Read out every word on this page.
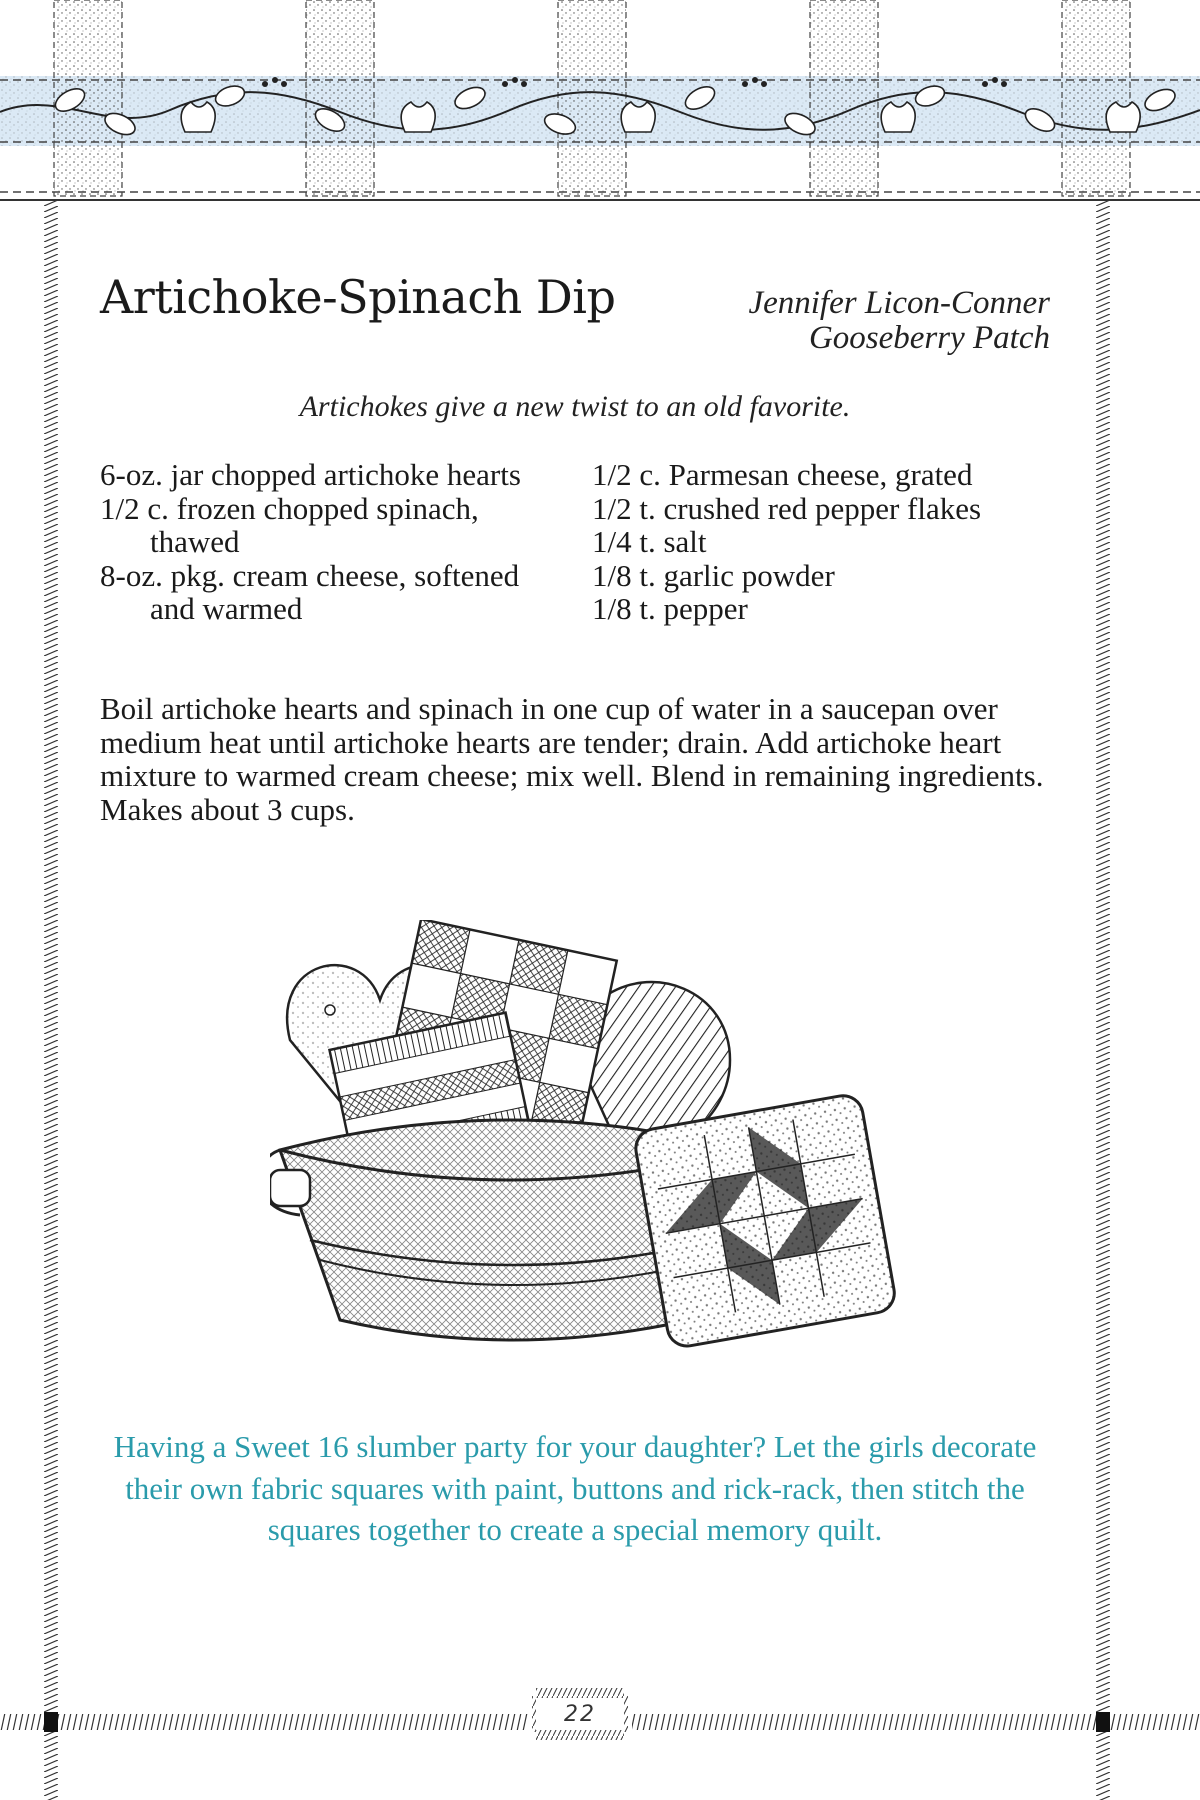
22
Artichoke-Spinach Dip	Jennifer Licon-Conner
Gooseberry Patch
Artichokes give a new twist to an old favorite.
6-oz. jar chopped artichoke hearts
1/2 c. frozen chopped spinach, thawed
8-oz. pkg. cream cheese, softened and warmed
1/2 c. Parmesan cheese, grated
1/2 t. crushed red pepper flakes
1/4 t. salt
1/8 t. garlic powder
1/8 t. pepper

Boil artichoke hearts and spinach in one cup of water in a saucepan over medium heat until artichoke hearts are tender; drain. Add artichoke heart mixture to warmed cream cheese; mix well. Blend in remaining ingredients. Makes about 3 cups.

Having a Sweet 16 slumber party for your daughter? Let the girls decorate their own fabric squares with paint, buttons and rick-rack, then stitch the squares together to create a special memory quilt.
